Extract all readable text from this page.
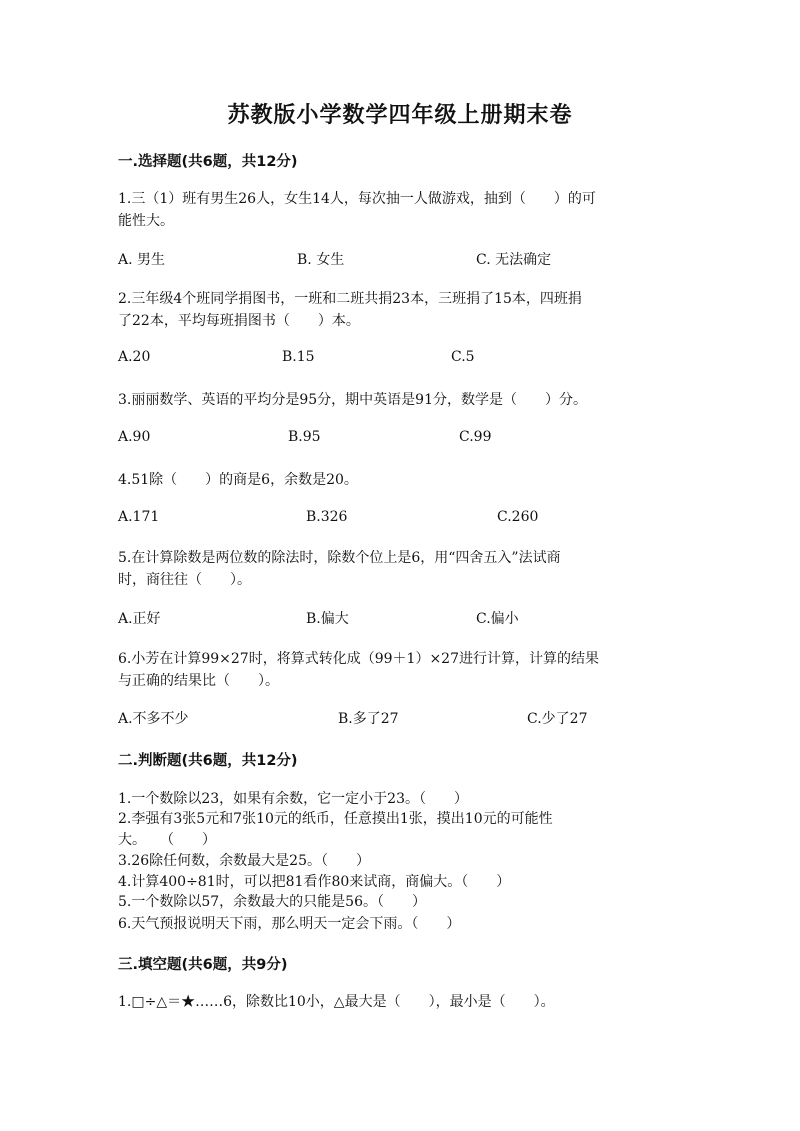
苏教版小学数学四年级上册期末卷
一.选择题(共6题，共12分)
1.三（1）班有男生26人，女生14人，每次抽一人做游戏，抽到（　　）的可
能性大。
A. 男生	B. 女生	C. 无法确定
2.三年级4个班同学捐图书，一班和二班共捐23本，三班捐了15本，四班捐
了22本，平均每班捐图书（　　）本。
A.20	B.15	C.5
3.丽丽数学、英语的平均分是95分，期中英语是91分，数学是（　　）分。
A.90	B.95	C.99
4.51除（　　）的商是6，余数是20。
A.171	B.326	C.260
5.在计算除数是两位数的除法时，除数个位上是6，用“四舍五入”法试商
时，商往往（　　）。
A.正好	B.偏大	C.偏小
6.小芳在计算99×27时，将算式转化成（99＋1）×27进行计算，计算的结果
与正确的结果比（　　）。
A.不多不少	B.多了27	C.少了27
二.判断题(共6题，共12分)
1.一个数除以23，如果有余数，它一定小于23。（　　）
2.李强有3张5元和7张10元的纸币，任意摸出1张，摸出10元的可能性
大。　　（　　）
3.26除任何数，余数最大是25。（　　）
4.计算400÷81时，可以把81看作80来试商，商偏大。（　　）
5.一个数除以57，余数最大的只能是56。（　　）
6.天气预报说明天下雨，那么明天一定会下雨。（　　）
三.填空题(共6题，共9分)
1.□÷△＝★……6，除数比10小，△最大是（　　），最小是（　　）。
